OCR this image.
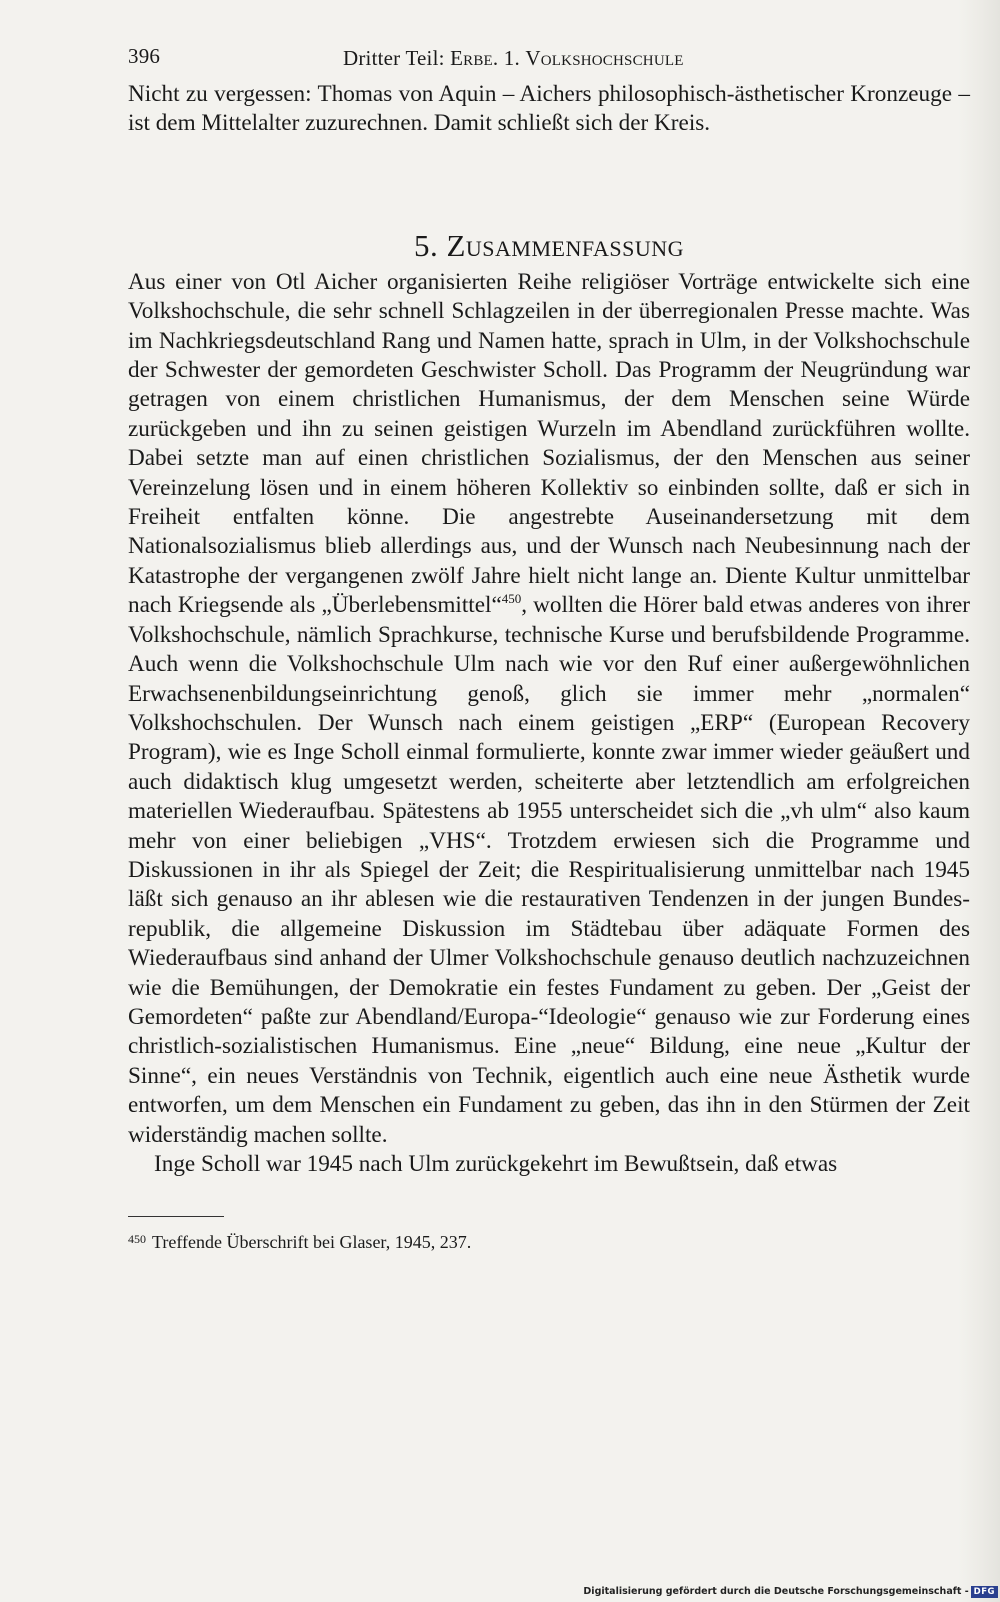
396	Dritter Teil: Erbe. 1. Volkshochschule

Nicht zu vergessen: Thomas von Aquin – Aichers philosophisch-ästhetischer Kronzeuge – ist dem Mittelalter zuzurechnen. Damit schließt sich der Kreis.

5. Zusammenfassung

Aus einer von Otl Aicher organisierten Reihe religiöser Vorträge entwickelte sich eine Volkshochschule, die sehr schnell Schlagzeilen in der überregionalen Presse machte. Was im Nachkriegsdeutschland Rang und Namen hatte, sprach in Ulm, in der Volkshochschule der Schwester der gemordeten Geschwister Scholl. Das Programm der Neugründung war getragen von einem christlichen Humanismus, der dem Menschen seine Würde zurückgeben und ihn zu seinen geistigen Wurzeln im Abendland zurückführen wollte. Dabei setzte man auf einen christlichen Sozialismus, der den Menschen aus seiner Vereinzelung lösen und in einem höheren Kollektiv so einbinden sollte, daß er sich in Freiheit entfalten könne. Die angestrebte Auseinandersetzung mit dem Nationalsozialismus blieb allerdings aus, und der Wunsch nach Neubesinnung nach der Katastrophe der vergangenen zwölf Jahre hielt nicht lange an. Diente Kultur unmittelbar nach Kriegsende als „Überlebensmittel“$^{450}$, wollten die Hörer bald etwas anderes von ihrer Volkshochschule, nämlich Sprachkurse, technische Kurse und berufsbildende Programme. Auch wenn die Volkshochschule Ulm nach wie vor den Ruf einer außergewöhnlichen Erwachsenenbildungseinrichtung genoß, glich sie immer mehr „normalen“ Volkshochschulen. Der Wunsch nach einem geistigen „ERP“ (European Recovery Program), wie es Inge Scholl einmal formulierte, konnte zwar immer wieder geäußert und auch didaktisch klug umgesetzt werden, scheiterte aber letztendlich am erfolgreichen materiellen Wiederaufbau. Spätestens ab 1955 unterscheidet sich die „vh ulm“ also kaum mehr von einer beliebigen „VHS“. Trotzdem erwiesen sich die Programme und Diskussionen in ihr als Spiegel der Zeit; die Respiritualisierung unmittelbar nach 1945 läßt sich genauso an ihr ablesen wie die restaurativen Tendenzen in der jungen Bundesrepublik, die allgemeine Diskussion im Städtebau über adäquate Formen des Wiederaufbaus sind anhand der Ulmer Volkshochschule genauso deutlich nachzuzeichnen wie die Bemühungen, der Demokratie ein festes Fundament zu geben. Der „Geist der Gemordeten“ paßte zur Abendland/Europa-“Ideologie“ genauso wie zur Forderung eines christlich-sozialistischen Humanismus. Eine „neue“ Bildung, eine neue „Kultur der Sinne“, ein neues Verständnis von Technik, eigentlich auch eine neue Ästhetik wurde entworfen, um dem Menschen ein Fundament zu geben, das ihn in den Stürmen der Zeit widerständig machen sollte.

Inge Scholl war 1945 nach Ulm zurückgekehrt im Bewußtsein, daß etwas

$^{450}$ Treffende Überschrift bei Glaser, 1945, 237.
Digitalisierung gefördert durch die Deutsche Forschungsgemeinschaft - DFG
